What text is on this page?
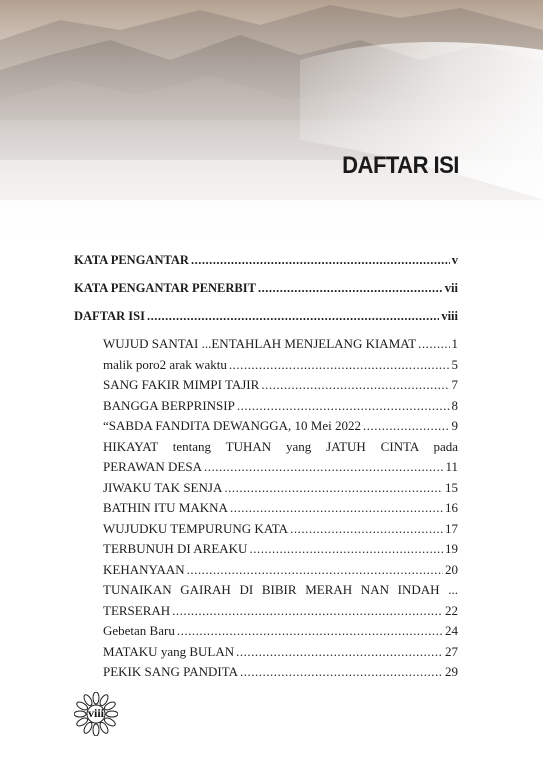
DAFTAR ISI
KATA PENGANTAR .....	v
KATA PENGANTAR PENERBIT .....	vii
DAFTAR ISI .....	viii
WUJUD SANTAI ...ENTAHLAH MENJELANG KIAMAT .....	1
malik poro2 arak waktu .....	5
SANG FAKIR MIMPI TAJIR .....	7
BANGGA BERPRINSIP .....	8
“SABDA FANDITA DEWANGGA, 10 Mei 2022 .....	9
HIKAYAT tentang TUHAN yang JATUH CINTA pada
PERAWAN DESA .....	11
JIWAKU TAK SENJA .....	15
BATHIN ITU MAKNA .....	16
WUJUDKU TEMPURUNG KATA .....	17
TERBUNUH DI AREAKU .....	19
KEHANYAAN .....	20
TUNAIKAN GAIRAH DI BIBIR MERAH NAN INDAH ...
TERSERAH .....	22
Gebetan Baru .....	24
MATAKU yang BULAN .....	27
PEKIK SANG PANDITA .....	29
viii
